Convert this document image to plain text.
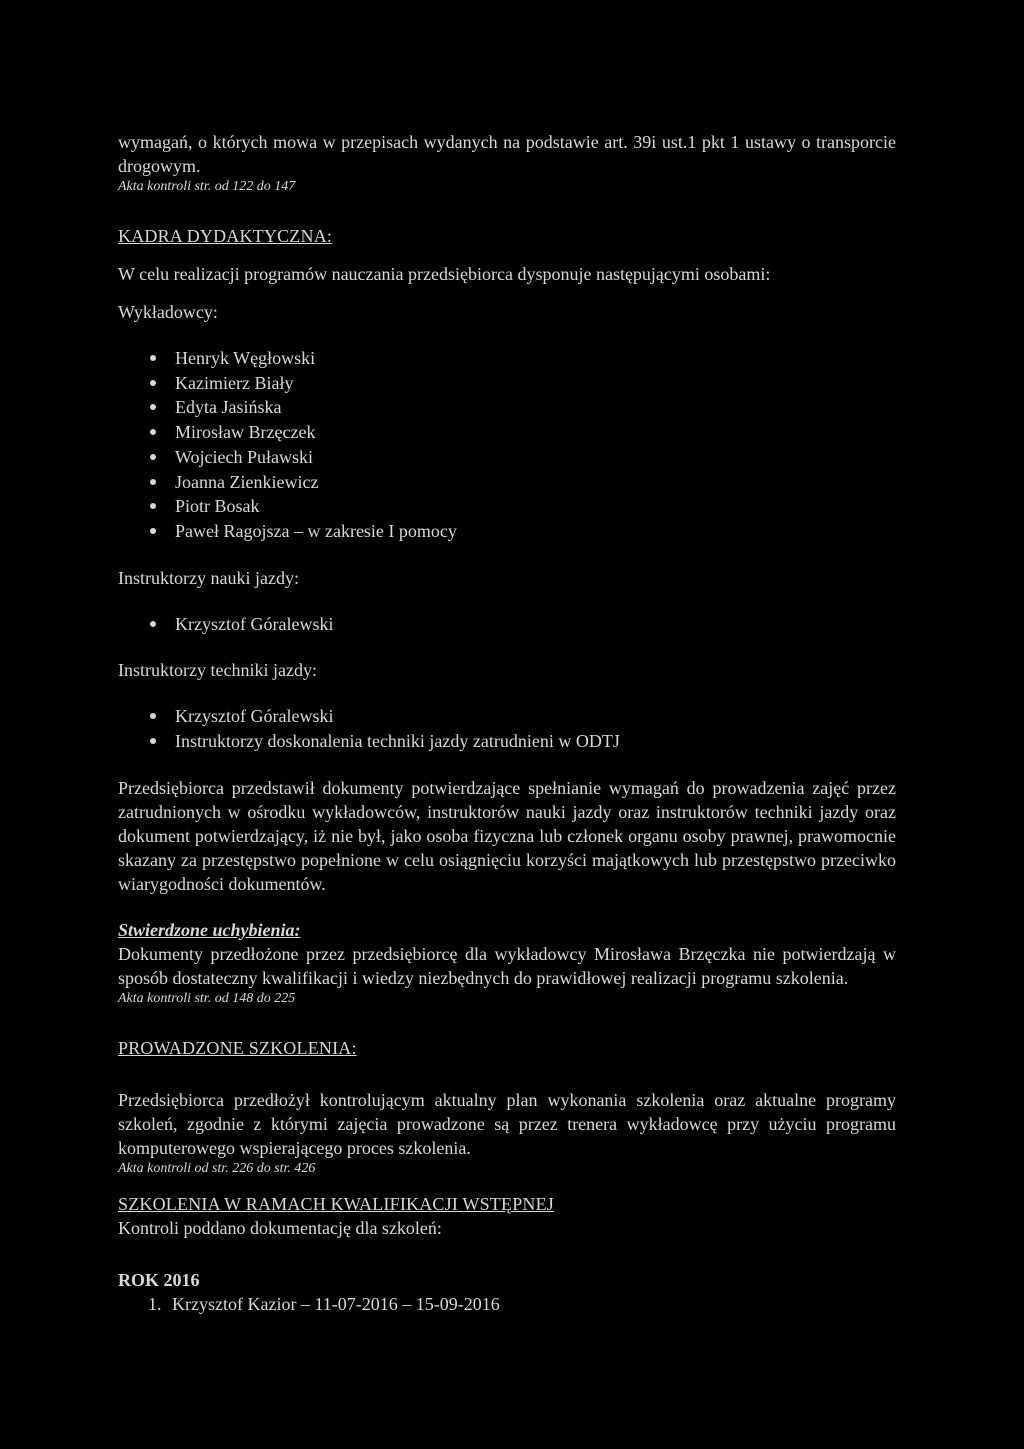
wymagań, o których mowa w przepisach wydanych na podstawie art. 39i ust.1 pkt 1 ustawy o transporcie drogowym.

Akta kontroli str. od 122 do 147

KADRA DYDAKTYCZNA:

W celu realizacji programów nauczania przedsiębiorca dysponuje następującymi osobami:

Wykładowcy:

Henryk Węgłowski
Kazimierz Biały
Edyta Jasińska
Mirosław Brzęczek
Wojciech Puławski
Joanna Zienkiewicz
Piotr Bosak
Paweł Ragojsza – w zakresie I pomocy

Instruktorzy nauki jazdy:

Krzysztof Góralewski

Instruktorzy techniki jazdy:

Krzysztof Góralewski
Instruktorzy doskonalenia techniki jazdy zatrudnieni w ODTJ

Przedsiębiorca przedstawił dokumenty potwierdzające spełnianie wymagań do prowadzenia zajęć przez zatrudnionych w ośrodku wykładowców, instruktorów nauki jazdy oraz instruktorów techniki jazdy oraz dokument potwierdzający, iż nie był, jako osoba fizyczna lub członek organu osoby prawnej, prawomocnie skazany za przestępstwo popełnione w celu osiągnięciu korzyści majątkowych lub przestępstwo przeciwko wiarygodności dokumentów.

Stwierdzone uchybienia:

Dokumenty przedłożone przez przedsiębiorcę dla wykładowcy Mirosława Brzęczka nie potwierdzają w sposób dostateczny kwalifikacji i wiedzy niezbędnych do prawidłowej realizacji programu szkolenia.

Akta kontroli str. od 148 do 225

PROWADZONE SZKOLENIA:

Przedsiębiorca przedłożył kontrolującym aktualny plan wykonania szkolenia oraz aktualne programy szkoleń, zgodnie z którymi zajęcia prowadzone są przez trenera wykładowcę przy użyciu programu komputerowego wspierającego proces szkolenia.

Akta kontroli od str. 226 do str. 426

SZKOLENIA W RAMACH KWALIFIKACJI WSTĘPNEJ

Kontroli poddano dokumentację dla szkoleń:

ROK 2016

1. Krzysztof Kazior – 11-07-2016 – 15-09-2016
